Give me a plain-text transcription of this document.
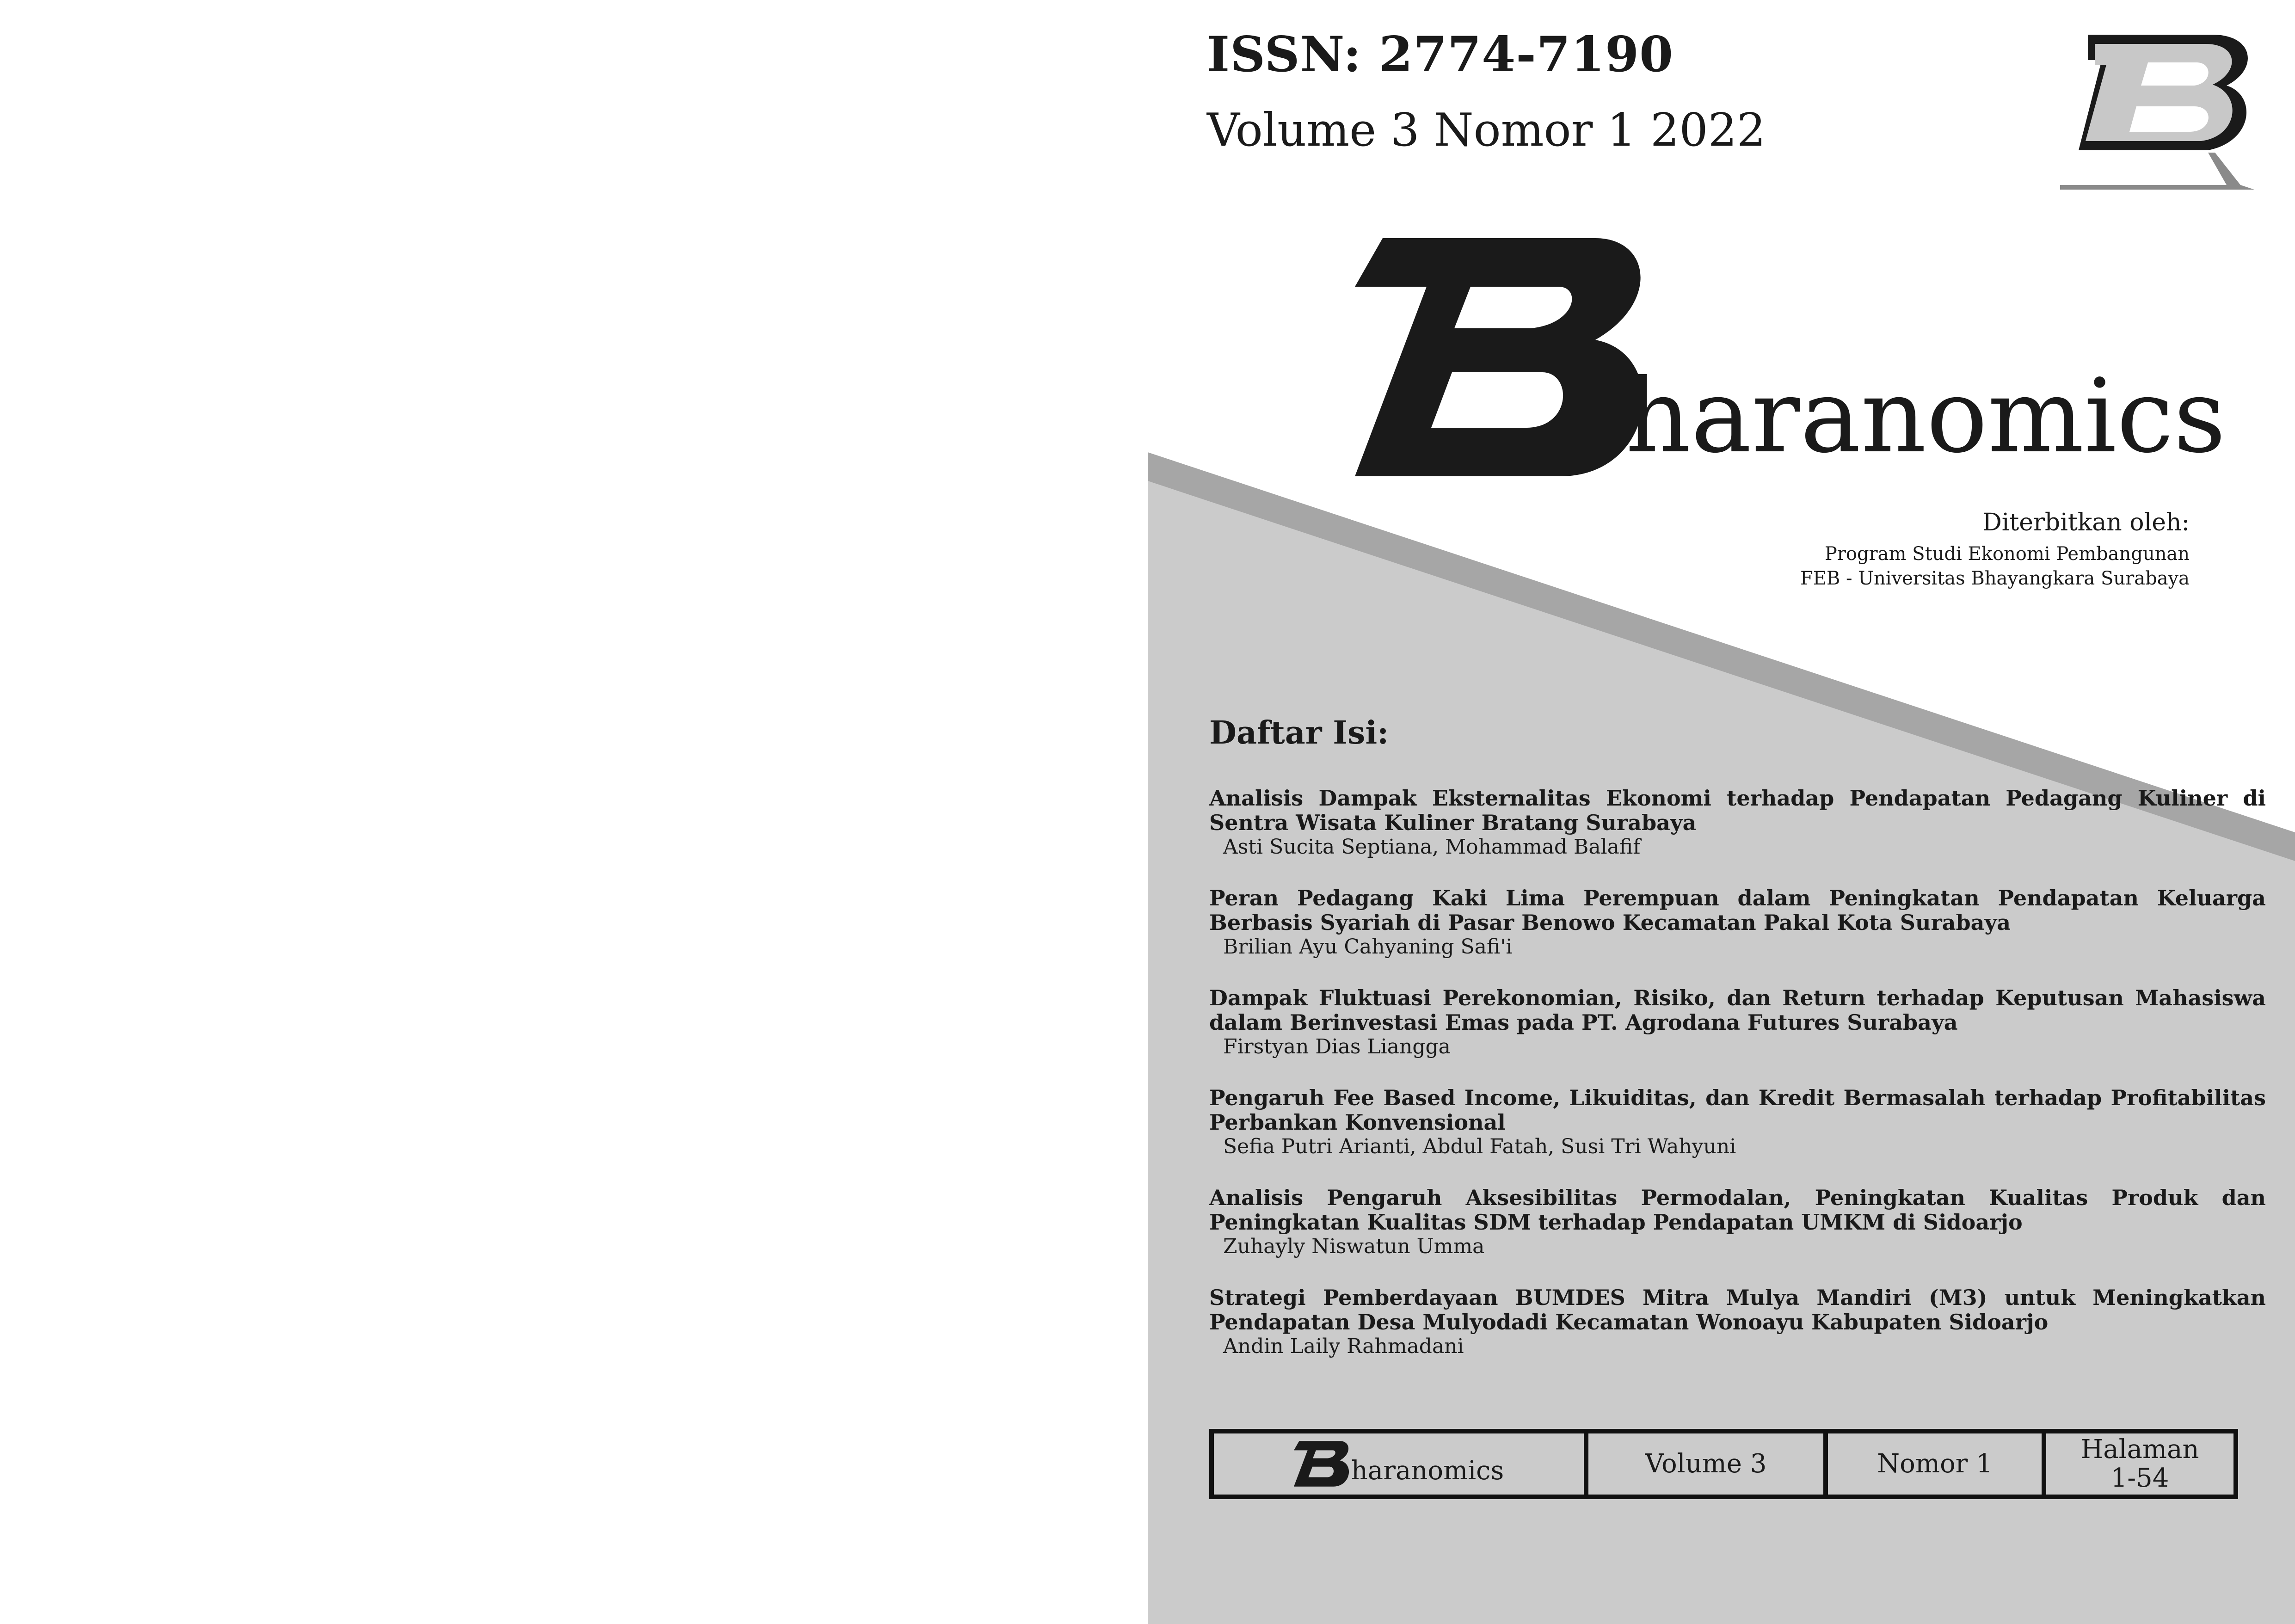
ISSN: 2774-7190
Volume 3 Nomor 1 2022
haranomics
Diterbitkan oleh:
Program Studi Ekonomi Pembangunan
FEB - Universitas Bhayangkara Surabaya
Daftar Isi:
Analisis Dampak Eksternalitas Ekonomi terhadap Pendapatan Pedagang Kuliner di Sentra Wisata Kuliner Bratang Surabaya
Asti Sucita Septiana, Mohammad Balafif
Peran Pedagang Kaki Lima Perempuan dalam Peningkatan Pendapatan Keluarga Berbasis Syariah di Pasar Benowo Kecamatan Pakal Kota Surabaya
Brilian Ayu Cahyaning Safi'i
Dampak Fluktuasi Perekonomian, Risiko, dan Return terhadap Keputusan Mahasiswa dalam Berinvestasi Emas pada PT. Agrodana Futures Surabaya
Firstyan Dias Liangga
Pengaruh Fee Based Income, Likuiditas, dan Kredit Bermasalah terhadap Profitabilitas Perbankan Konvensional
Sefia Putri Arianti, Abdul Fatah, Susi Tri Wahyuni
Analisis Pengaruh Aksesibilitas Permodalan, Peningkatan Kualitas Produk dan Peningkatan Kualitas SDM terhadap Pendapatan UMKM di Sidoarjo
Zuhayly Niswatun Umma
Strategi Pemberdayaan BUMDES Mitra Mulya Mandiri (M3) untuk Meningkatkan Pendapatan Desa Mulyodadi Kecamatan Wonoayu Kabupaten Sidoarjo
Andin Laily Rahmadani
haranomics	Volume 3	Nomor 1	Halaman
1-54
